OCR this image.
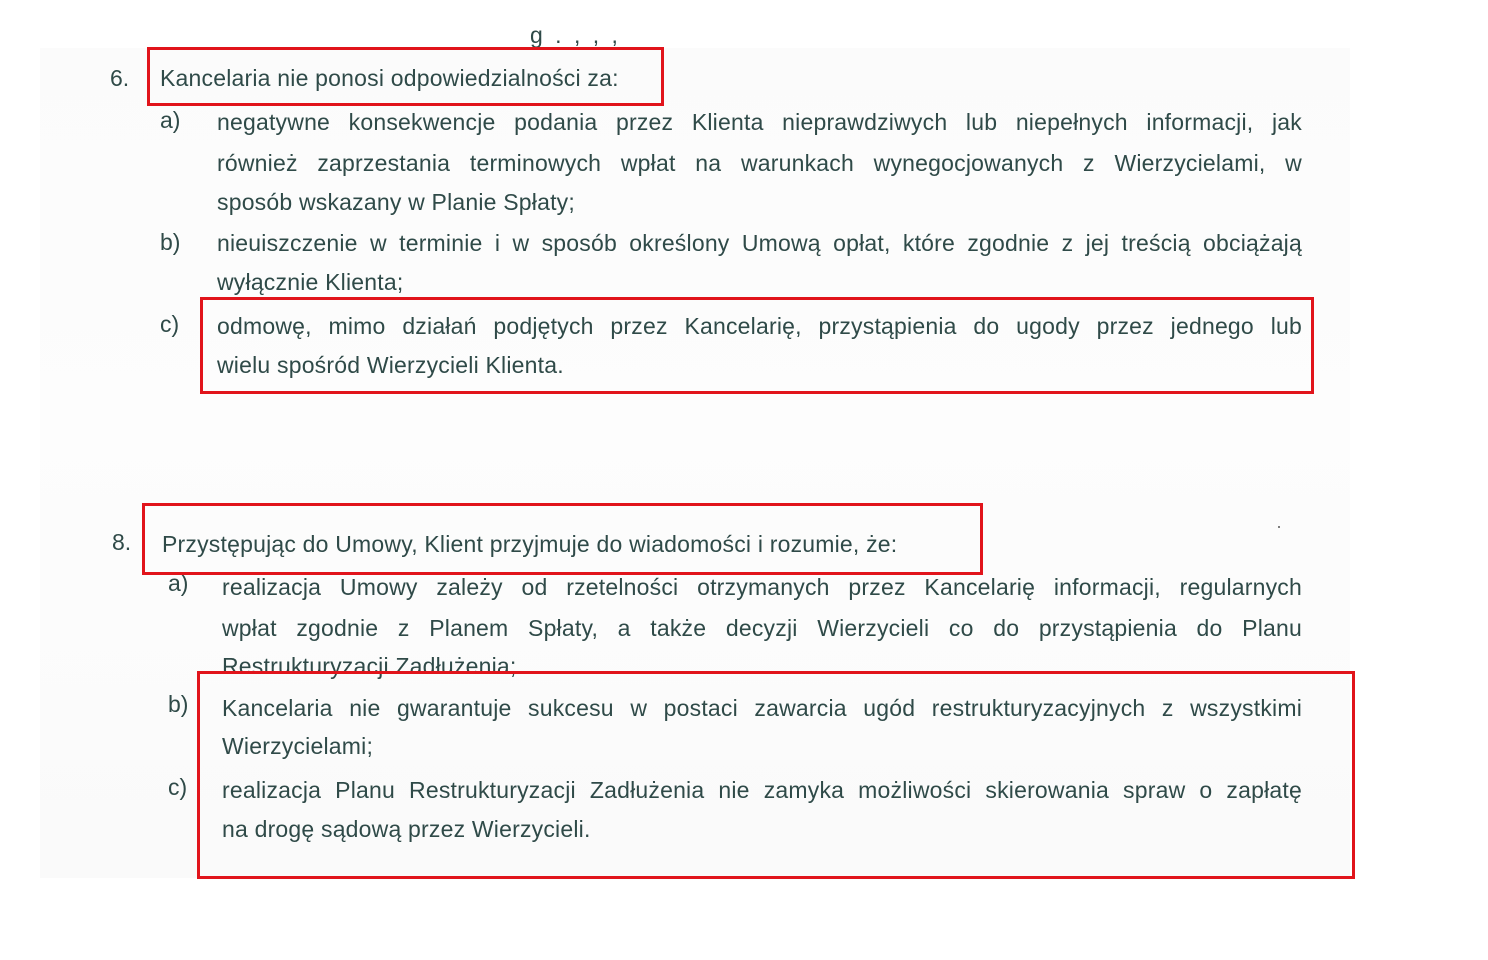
g . , , ,
6. Kancelaria nie ponosi odpowiedzialności za:
a) negatywne konsekwencje podania przez Klienta nieprawdziwych lub niepełnych informacji, jak
również zaprzestania terminowych wpłat na warunkach wynegocjowanych z Wierzycielami, w
sposób wskazany w Planie Spłaty;
b) nieuiszczenie w terminie i w sposób określony Umową opłat, które zgodnie z jej treścią obciążają
wyłącznie Klienta;
c) odmowę, mimo działań podjętych przez Kancelarię, przystąpienia do ugody przez jednego lub
wielu spośród Wierzycieli Klienta.
8. Przystępując do Umowy, Klient przyjmuje do wiadomości i rozumie, że:
a) realizacja Umowy zależy od rzetelności otrzymanych przez Kancelarię informacji, regularnych
wpłat zgodnie z Planem Spłaty, a także decyzji Wierzycieli co do przystąpienia do Planu
Restrukturyzacji Zadłużenia;
b) Kancelaria nie gwarantuje sukcesu w postaci zawarcia ugód restrukturyzacyjnych z wszystkimi
Wierzycielami;
c) realizacja Planu Restrukturyzacji Zadłużenia nie zamyka możliwości skierowania spraw o zapłatę
na drogę sądową przez Wierzycieli.
